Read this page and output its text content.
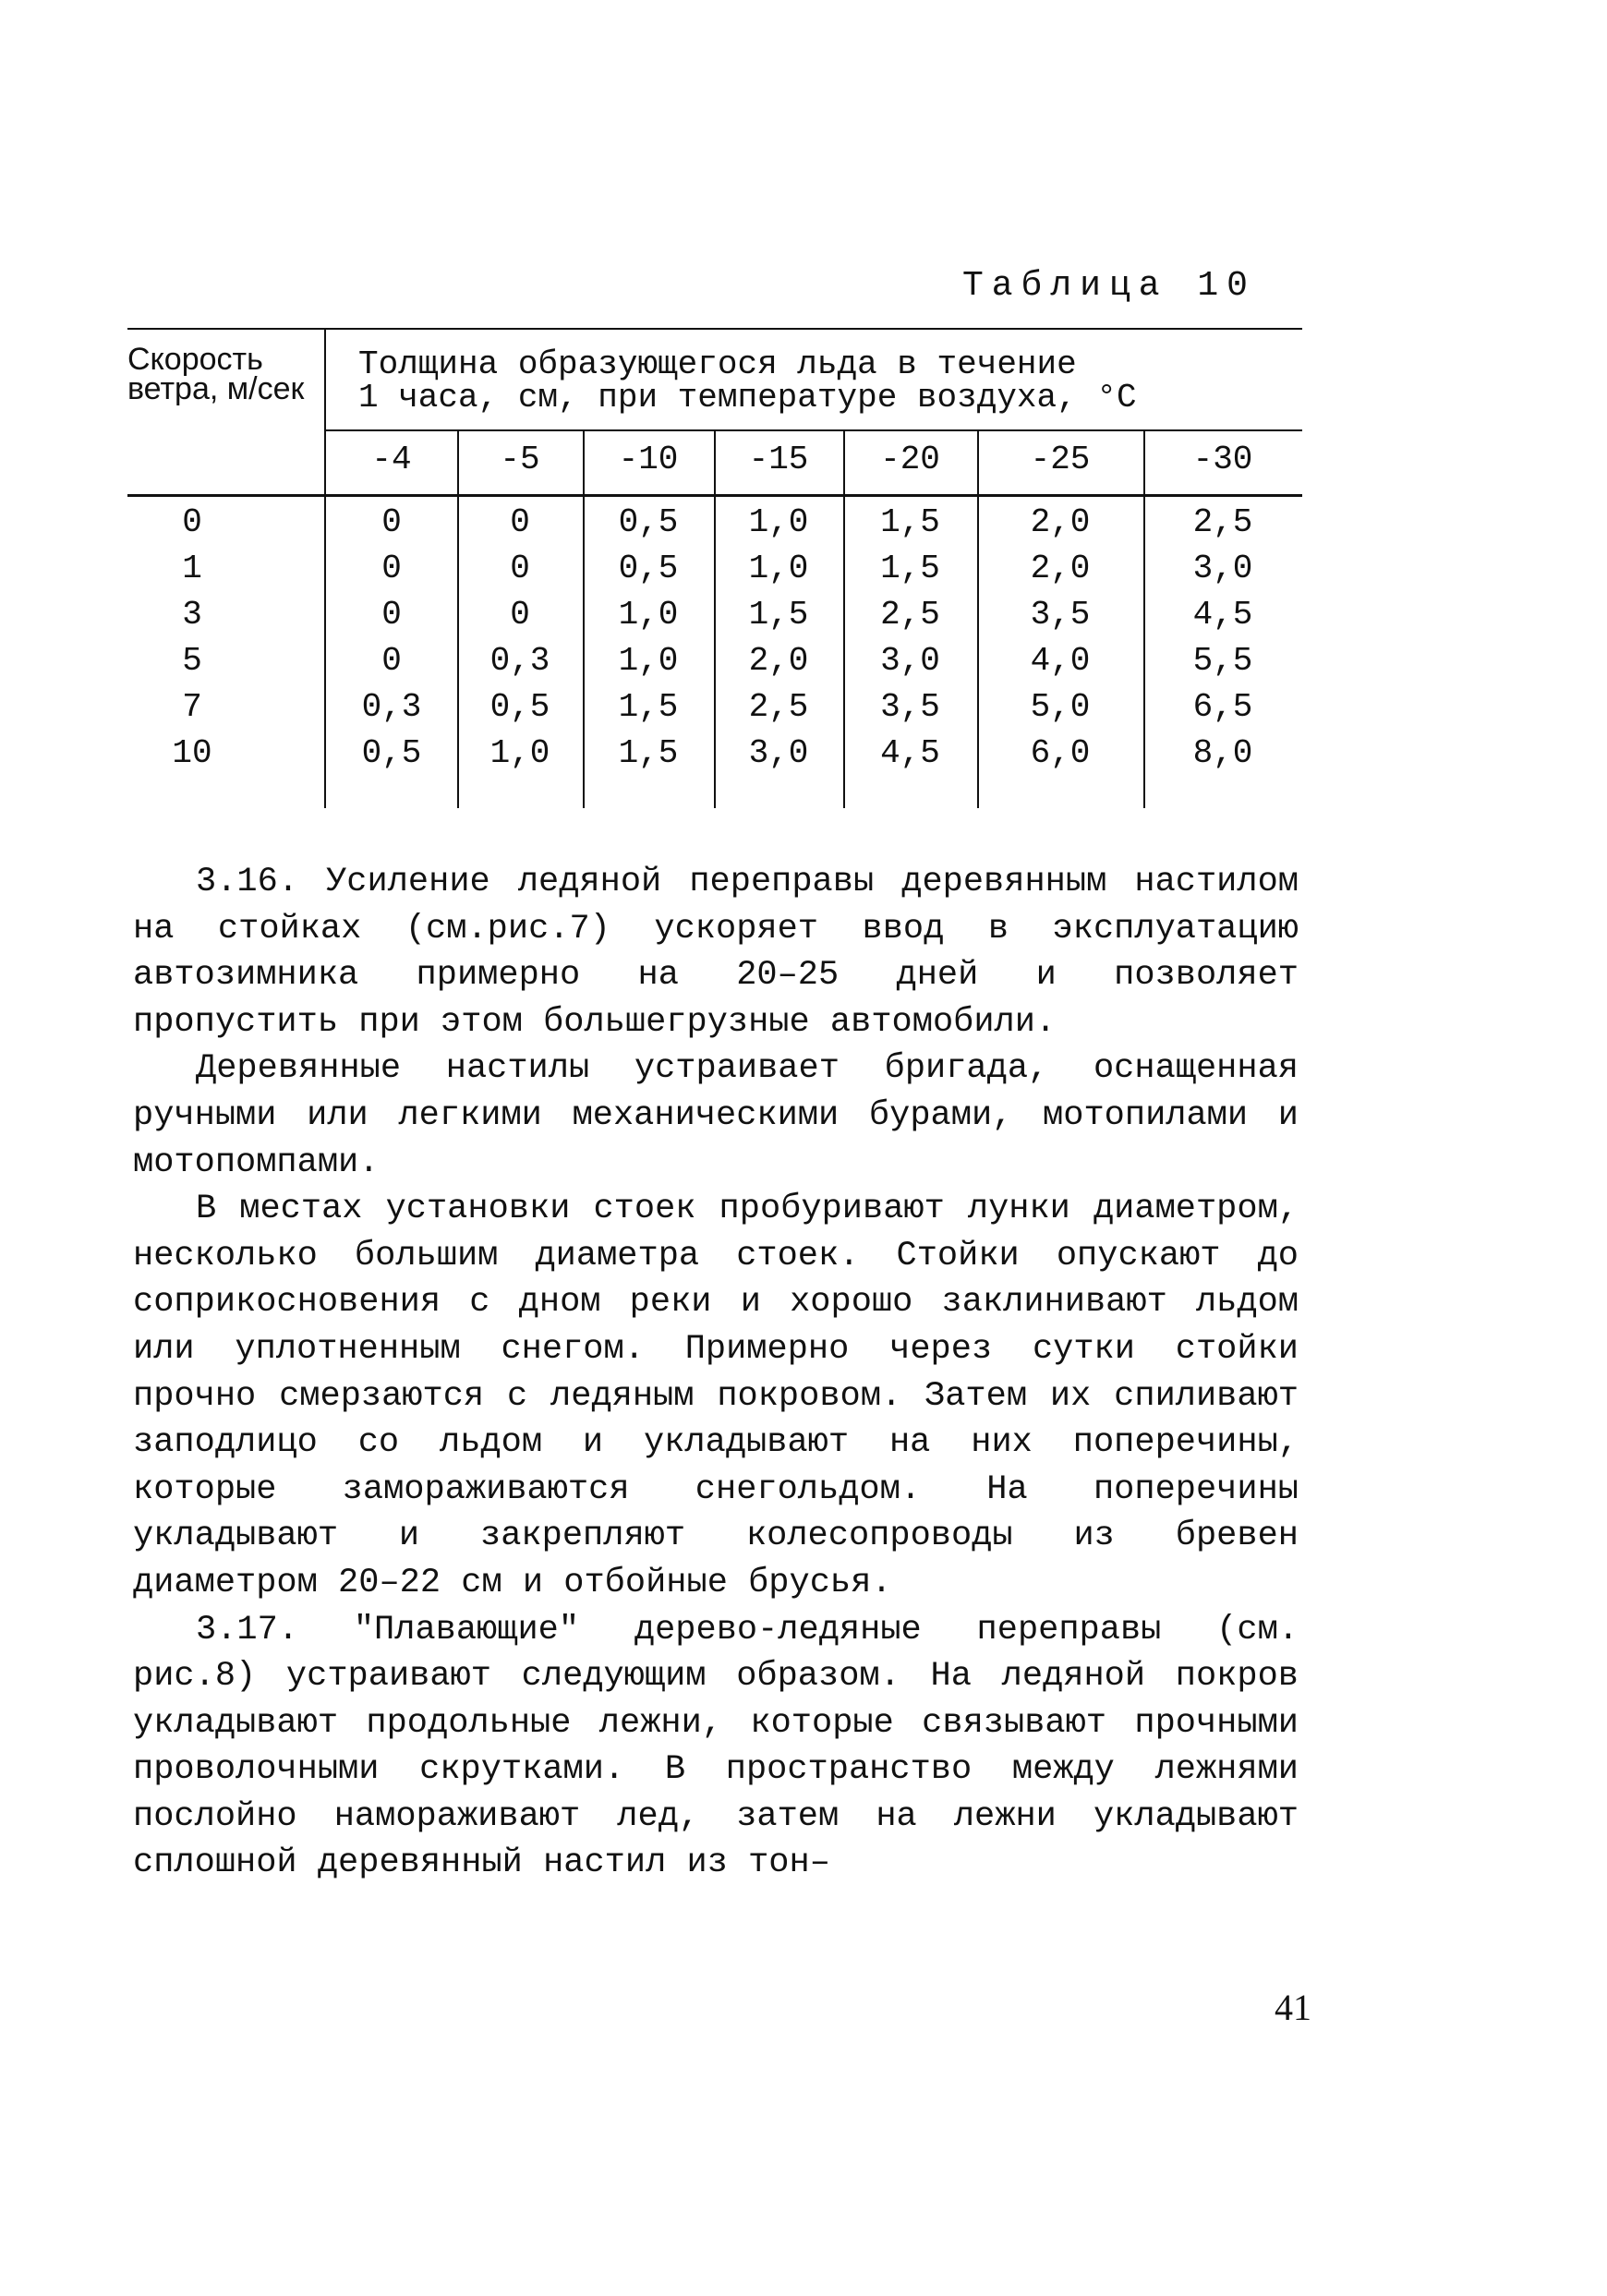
Таблица 10
Скорость ветра, м/сек
Толщина образующегося льда в течение
1 часа, см, при температуре воздуха, °C
-4	-5	-10	-15	-20	-25	-30
0	0	0	0,5	1,0	1,5	2,0	2,5
1	0	0	0,5	1,0	1,5	2,0	3,0
3	0	0	1,0	1,5	2,5	3,5	4,5
5	0	0,3	1,0	2,0	3,0	4,0	5,5
7	0,3	0,5	1,5	2,5	3,5	5,0	6,5
10	0,5	1,0	1,5	3,0	4,5	6,0	8,0

3.16. Усиление ледяной переправы деревянным настилом на стойках (см.рис.7) ускоряет ввод в эксплуатацию автозимника примерно на 20–25 дней и позволяет пропустить при этом большегрузные автомобили.

Деревянные настилы устраивает бригада, оснащенная ручными или легкими механическими бурами, мотопилами и мотопомпами.

В местах установки стоек пробуривают лунки диаметром, несколько большим диаметра стоек. Стойки опускают до соприкосновения с дном реки и хорошо заклинивают льдом или уплотненным снегом. Примерно через сутки стойки прочно смерзаются с ледяным покровом. Затем их спиливают заподлицо со льдом и укладывают на них поперечины, которые замораживаются снегольдом. На поперечины укладывают и закрепляют колесопроводы из бревен диаметром 20–22 см и отбойные брусья.

3.17. "Плавающие" дерево-ледяные переправы (см. рис.8) устраивают следующим образом. На ледяной покров укладывают продольные лежни, которые связывают прочными проволочными скрутками. В пространство между лежнями послойно намораживают лед, затем на лежни укладывают сплошной деревянный настил из тон–

41
